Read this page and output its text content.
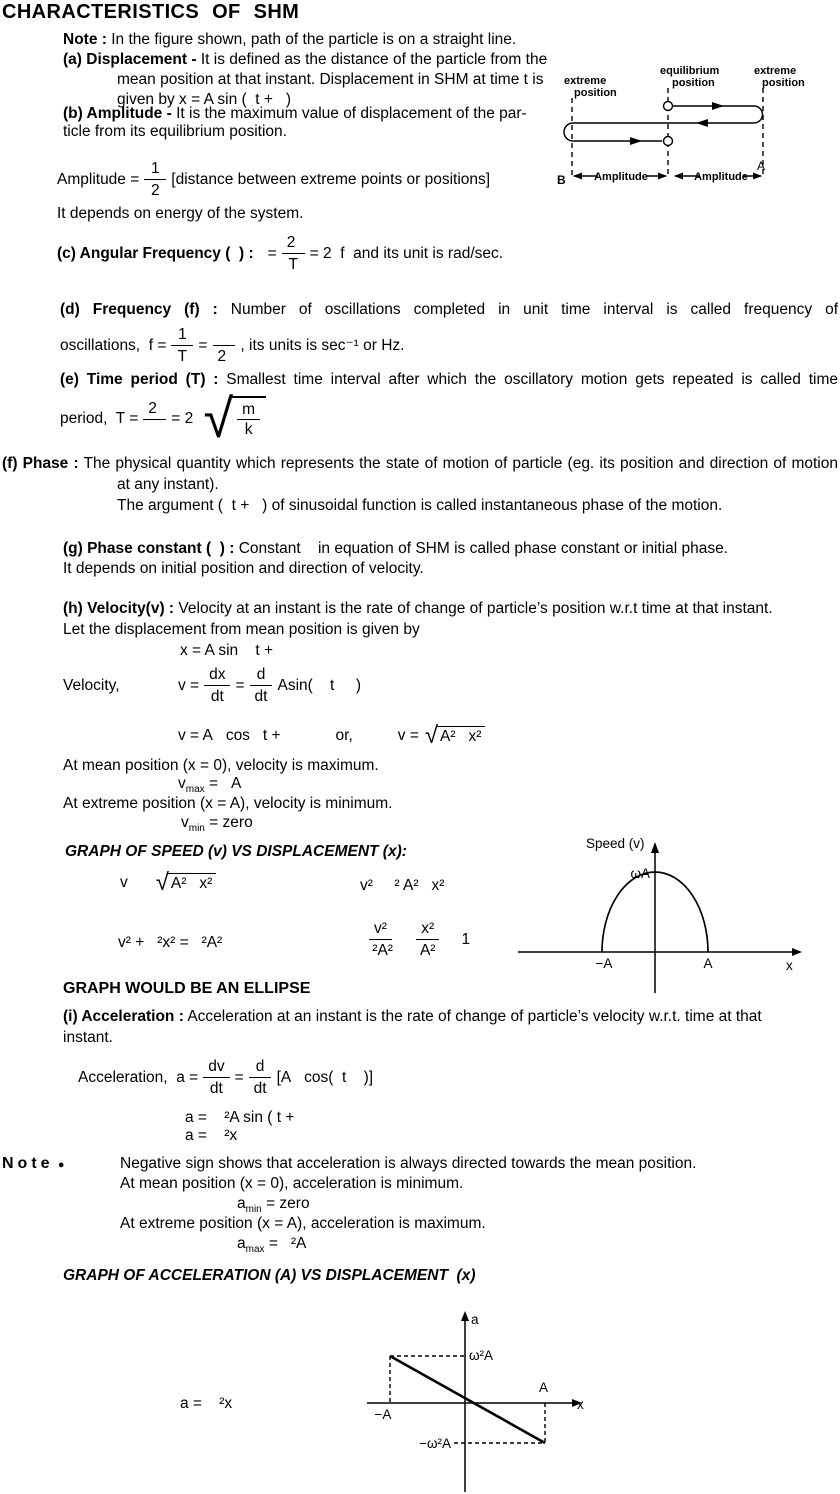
CHARACTERISTICS OF SHM
Note : In the figure shown, path of the particle is on a straight line.
(a) Displacement - It is defined as the distance of the particle from the
mean position at that instant. Displacement in SHM at time t is
given by x = A sin (  t +   )
(b) Amplitude - It is the maximum value of displacement of the par-
ticle from its equilibrium position.
extreme
position
equilibrium
position
extreme
position
Amplitude	Amplitude
B
A
Amplitude = $\frac{1}{2}$ [distance between extreme points or positions]
It depends on energy of the system.
(c) Angular Frequency (  ) : = $\frac{2}{T} = 2$  f  and its unit is rad/sec.
(d) Frequency (f) : Number of oscillations completed in unit time interval is called frequency of
oscillations,  $f = \frac{1}{T}$ =

2
, its units is sec⁻¹ or Hz.
(e) Time period (T) : Smallest time interval after which the oscillatory motion gets repeated is called time
period,  T =
2

= 2 √ $\frac{m}{k}$
(f) Phase : The physical quantity which represents the state of motion of particle (eg. its position and direction of motion
at any instant).
The argument (  t +   ) of sinusoidal function is called instantaneous phase of the motion.
(g) Phase constant (  ) : Constant    in equation of SHM is called phase constant or initial phase.
It depends on initial position and direction of velocity.
(h) Velocity(v) : Velocity at an instant is the rate of change of particle’s position w.r.t time at that instant.
Let the displacement from mean position is given by
x = A sin    t +
Velocity,	$v = \frac{dx}{dt} = \frac{d}{dt} Asin$(    t     )
v = A   cos   t +	or,	v = √ A²   x²
At mean position (x = 0), velocity is maximum.
$v_{max} = A$
At extreme position (x = A), velocity is minimum.
$v_{min}$ = zero
GRAPH OF SPEED (v) VS DISPLACEMENT (x):
v √ A²   x²	v²     ² A²   x²
v² +   ²x² =   ²A²	$\frac{\text{v²}}{\text{²A²}} \frac{\text{x²}}{\text{A²}} 1$
GRAPH WOULD BE AN ELLIPSE
Speed (v)
ωA
−A	A	x
(i) Acceleration : Acceleration at an instant is the rate of change of particle’s velocity w.r.t. time at that
instant.
Acceleration,  $a = \frac{dv}{dt} = \frac{d}{dt} [A$   cos(  t    )]
a =    ²A sin ( t +
a =    ²x
Note ●	Negative sign shows that acceleration is always directed towards the mean position.
At mean position (x = 0), acceleration is minimum.
$a_{min}$ = zero
At extreme position (x = A), acceleration is maximum.
$a_{max} = ^2A$
GRAPH OF ACCELERATION (A) VS DISPLACEMENT  (x)
a =    ²x
a
ω²A
A
−A
−ω²A
x
